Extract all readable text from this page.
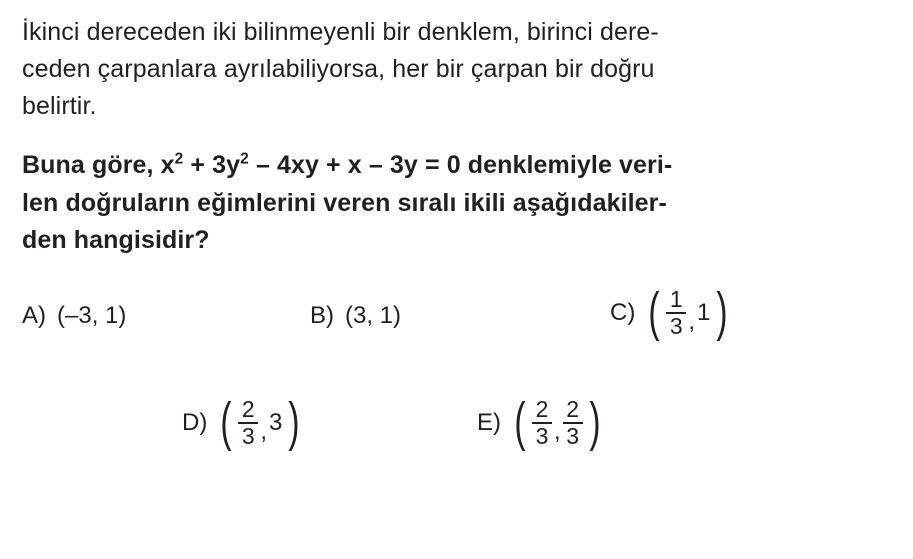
İkinci dereceden iki bilinmeyenli bir denklem, birinci dere-
ceden çarpanlara ayrılabiliyorsa, her bir çarpan bir doğru
belirtir.
Buna göre, $x^2 + 3y^2 - 4xy + x - 3y = 0$ denklemiyle veri-
len doğruların eğimlerini veren sıralı ikili aşağıdakiler-
den hangisidir?
A) (–3, 1)	B) (3, 1)	C) ( $\frac{1}{3}$ , 1 )
D) ( $\frac{2}{3}$ , 3 )	E) ( $\frac{2}{3}$ , $\frac{2}{3}$ )
